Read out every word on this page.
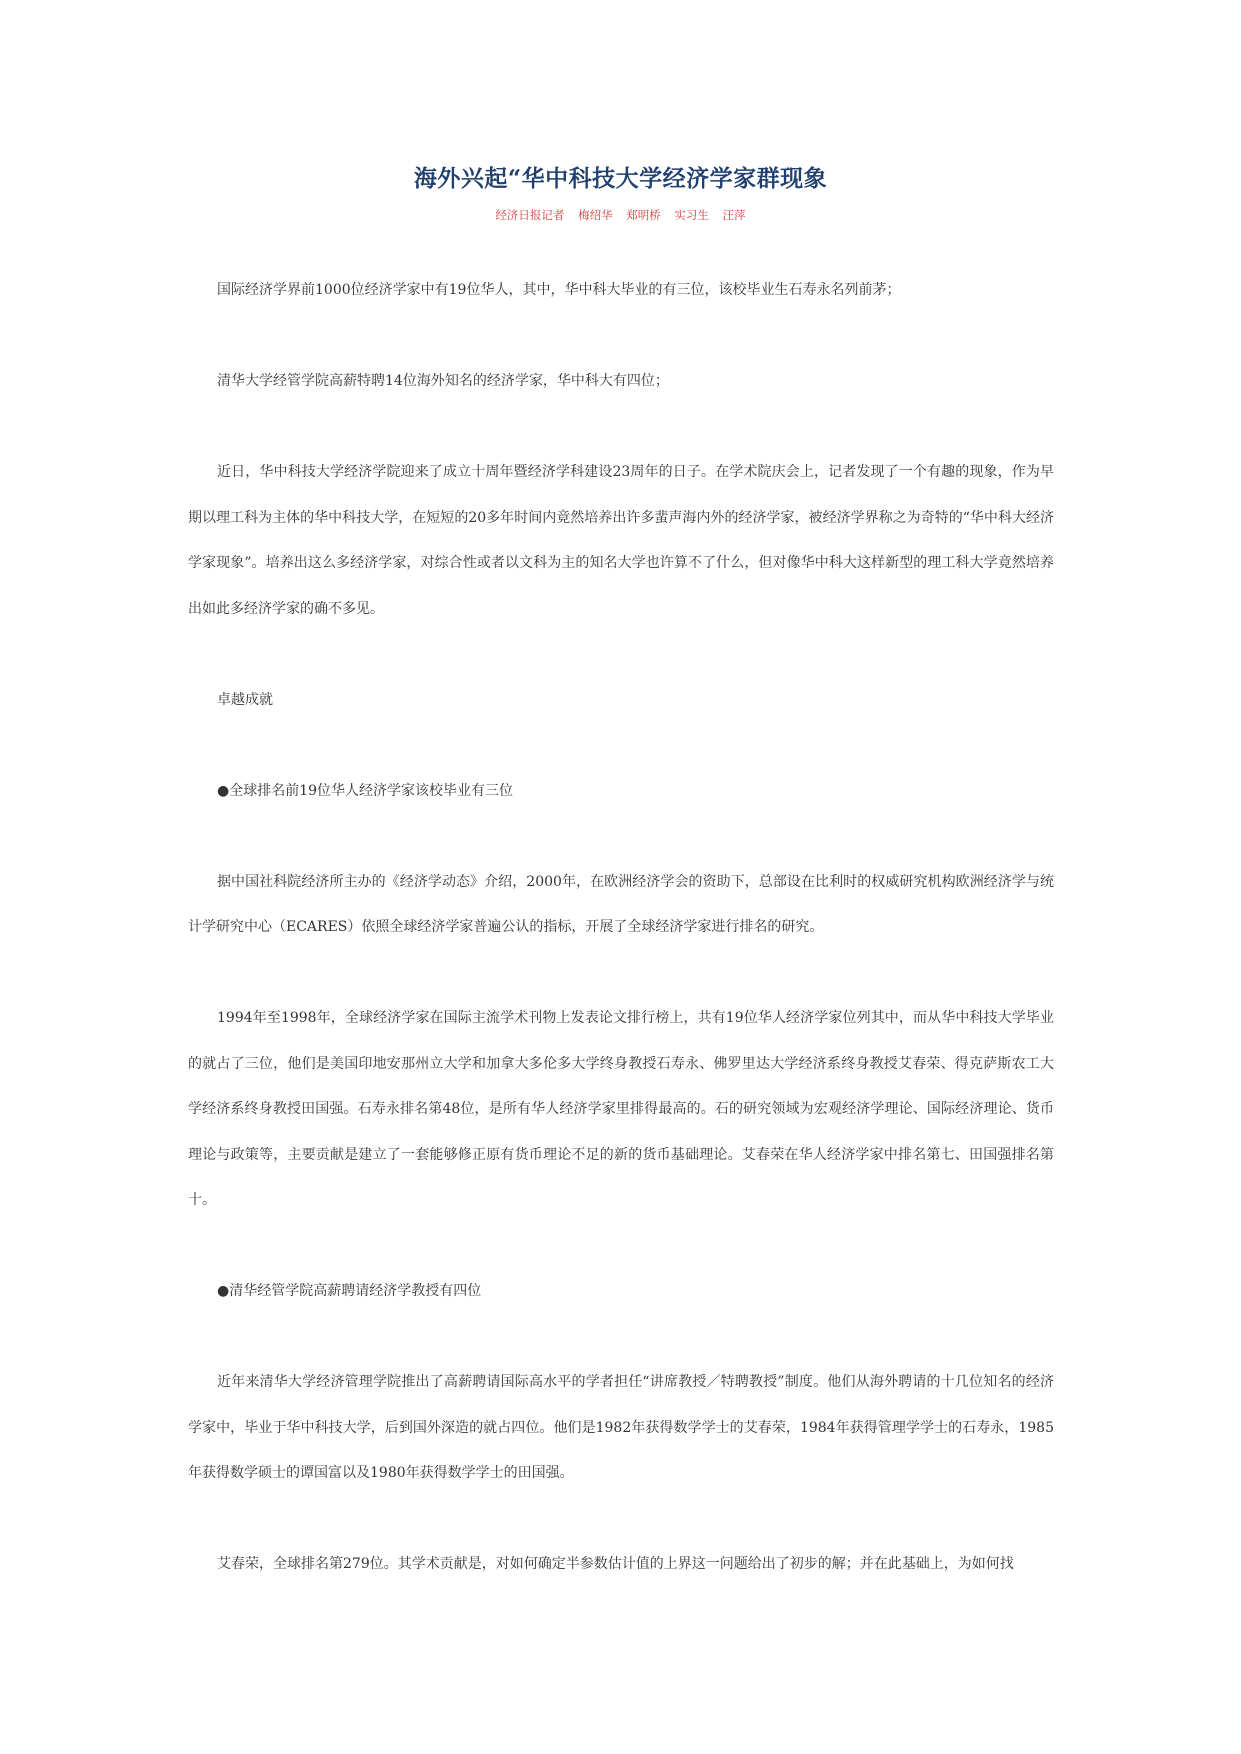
海外兴起“华中科技大学经济学家群现象
经济日报记者 梅绍华 郑明桥 实习生 汪萍

国际经济学界前1000位经济学家中有19位华人，其中，华中科大毕业的有三位，该校毕业生石寿永名列前茅；

清华大学经管学院高薪特聘14位海外知名的经济学家，华中科大有四位；

近日，华中科技大学经济学院迎来了成立十周年暨经济学科建设23周年的日子。在学术院庆会上，记者发现了一个有趣的现象，作为早期以理工科为主体的华中科技大学，在短短的20多年时间内竟然培养出许多蜚声海内外的经济学家，被经济学界称之为奇特的“华中科大经济学家现象”。培养出这么多经济学家，对综合性或者以文科为主的知名大学也许算不了什么，但对像华中科大这样新型的理工科大学竟然培养出如此多经济学家的确不多见。

卓越成就

●全球排名前19位华人经济学家该校毕业有三位

据中国社科院经济所主办的《经济学动态》介绍，2000年，在欧洲经济学会的资助下，总部设在比利时的权威研究机构欧洲经济学与统计学研究中心（ECARES）依照全球经济学家普遍公认的指标，开展了全球经济学家进行排名的研究。

1994年至1998年，全球经济学家在国际主流学术刊物上发表论文排行榜上，共有19位华人经济学家位列其中，而从华中科技大学毕业的就占了三位，他们是美国印地安那州立大学和加拿大多伦多大学终身教授石寿永、佛罗里达大学经济系终身教授艾春荣、得克萨斯农工大学经济系终身教授田国强。石寿永排名第48位，是所有华人经济学家里排得最高的。石的研究领域为宏观经济学理论、国际经济理论、货币理论与政策等，主要贡献是建立了一套能够修正原有货币理论不足的新的货币基础理论。艾春荣在华人经济学家中排名第七、田国强排名第十。

●清华经管学院高薪聘请经济学教授有四位

近年来清华大学经济管理学院推出了高薪聘请国际高水平的学者担任“讲席教授／特聘教授”制度。他们从海外聘请的十几位知名的经济学家中，毕业于华中科技大学，后到国外深造的就占四位。他们是1982年获得数学学士的艾春荣，1984年获得管理学学士的石寿永，1985年获得数学硕士的谭国富以及1980年获得数学学士的田国强。

艾春荣，全球排名第279位。其学术贡献是，对如何确定半参数估计值的上界这一问题给出了初步的解；并在此基础上，为如何找
